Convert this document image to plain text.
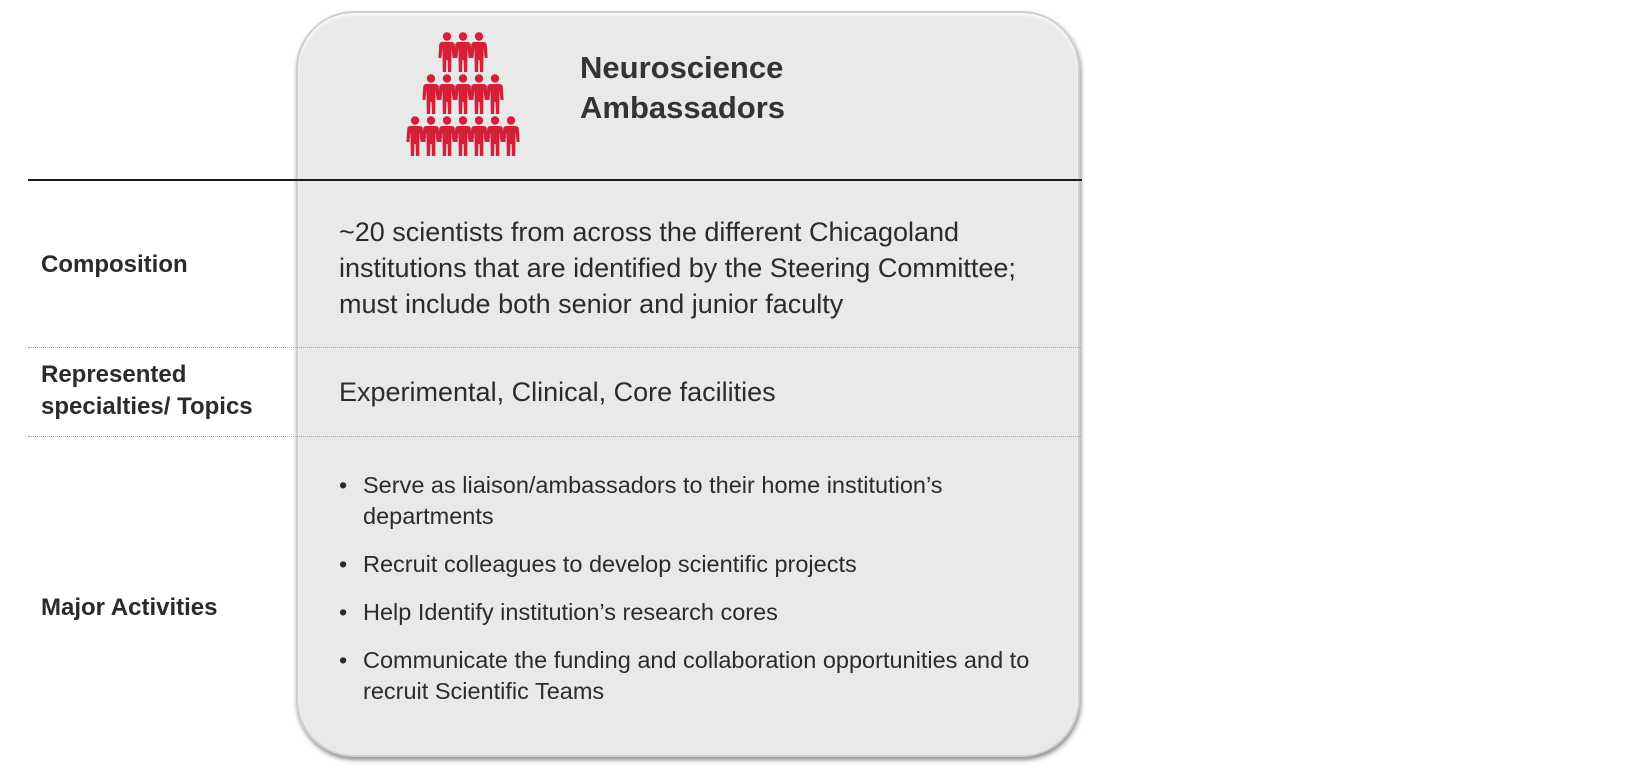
Neuroscience
Ambassadors
Composition
~20 scientists from across the different Chicagoland institutions that are identified by the Steering Committee; must include both senior and junior faculty
Represented
specialties/ Topics	Experimental, Clinical, Core facilities
Major Activities
• Serve as liaison/ambassadors to their home institution’s departments
• Recruit colleagues to develop scientific projects
• Help Identify institution’s research cores
• Communicate the funding and collaboration opportunities and to recruit Scientific Teams
